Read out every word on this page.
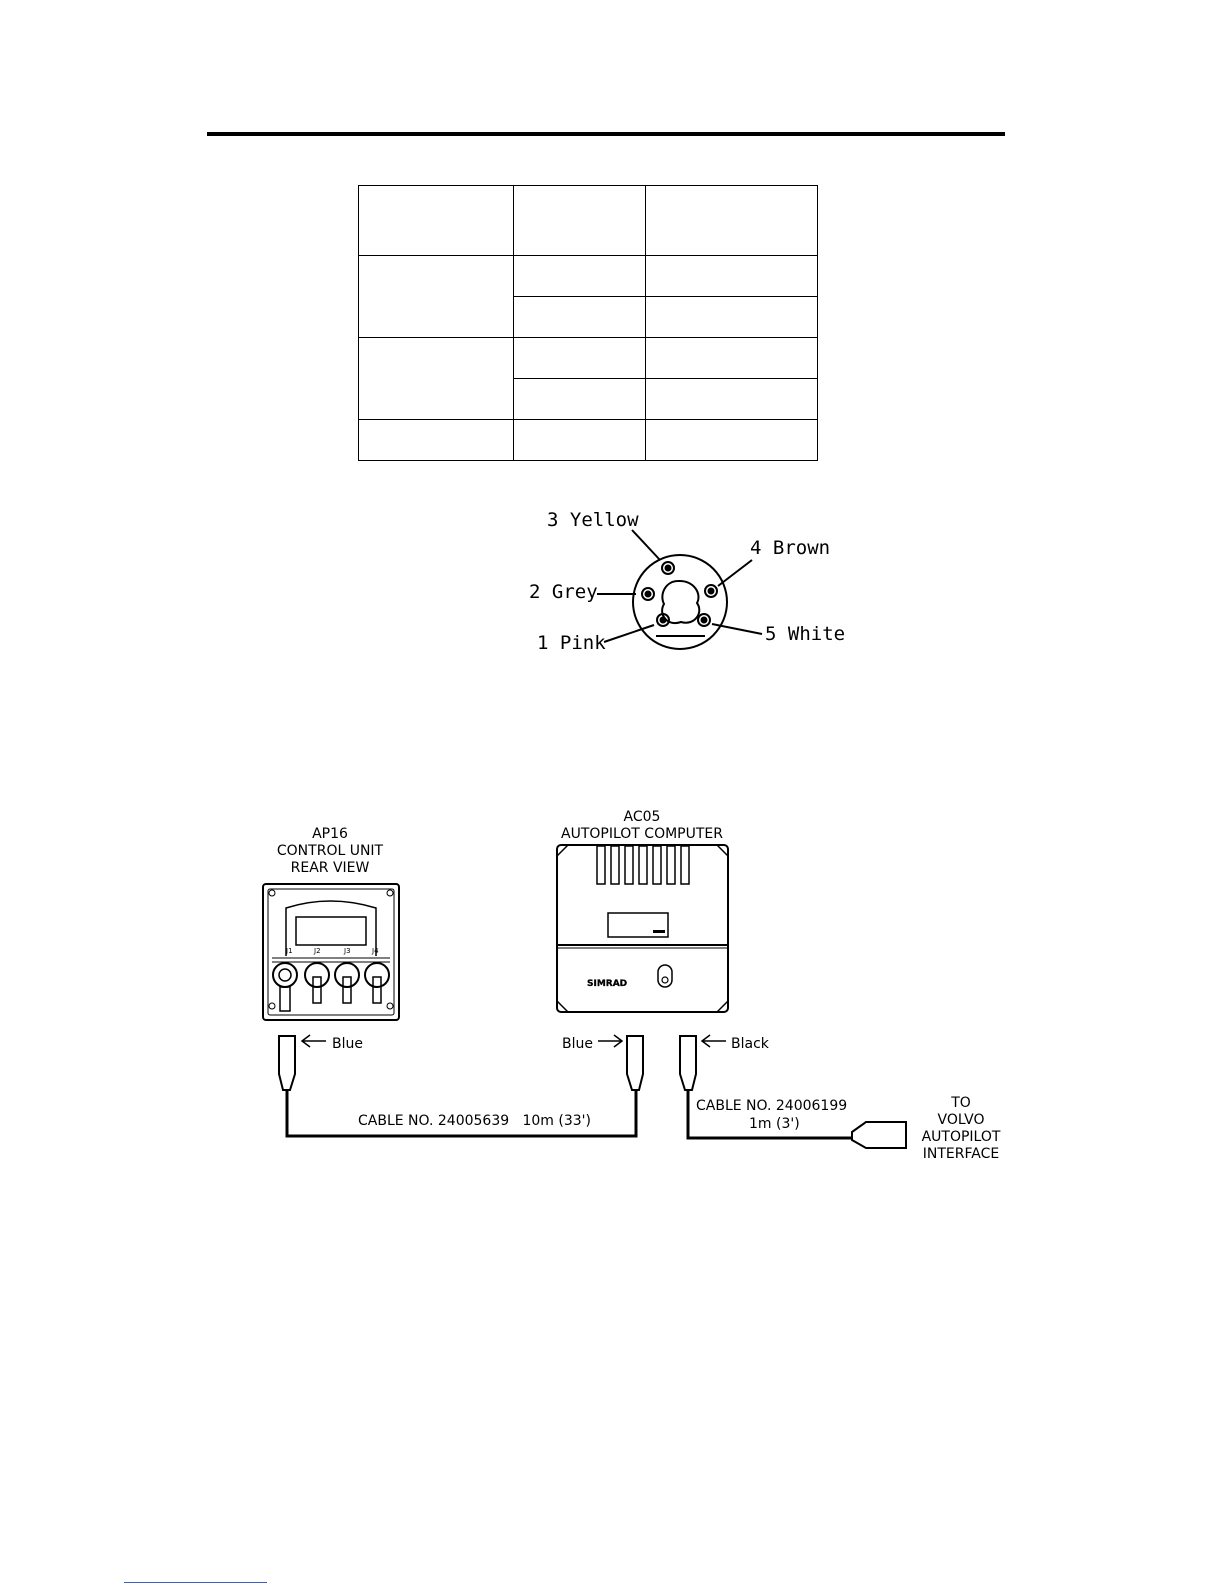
3 Yellow
4 Brown
2 Grey
1 Pink	5 White
AP16
CONTROL UNIT
REAR VIEW
J1	J2	J3	J4
AC05
AUTOPILOT COMPUTER
SIMRAD
Blue	Blue	Black
CABLE NO. 24005639   10m (33')
CABLE NO. 24006199
1m (3')
TO
VOLVO
AUTOPILOT
INTERFACE
